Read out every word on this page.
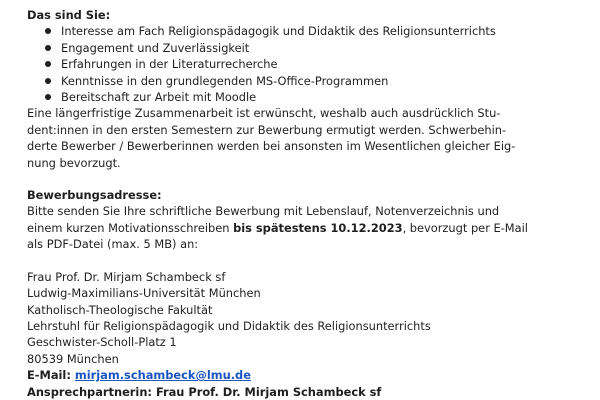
Das sind Sie:
Interesse am Fach Religionspädagogik und Didaktik des Religionsunterrichts
Engagement und Zuverlässigkeit
Erfahrungen in der Literaturrecherche
Kenntnisse in den grundlegenden MS-Office-Programmen
Bereitschaft zur Arbeit mit Moodle
Eine längerfristige Zusammenarbeit ist erwünscht, weshalb auch ausdrücklich Stu-
dent:innen in den ersten Semestern zur Bewerbung ermutigt werden. Schwerbehin-
derte Bewerber / Bewerberinnen werden bei ansonsten im Wesentlichen gleicher Eig-
nung bevorzugt.
Bewerbungsadresse:
Bitte senden Sie Ihre schriftliche Bewerbung mit Lebenslauf, Notenverzeichnis und
einem kurzen Motivationsschreiben bis spätestens 10.12.2023, bevorzugt per E-Mail
als PDF-Datei (max. 5 MB) an:
Frau Prof. Dr. Mirjam Schambeck sf
Ludwig-Maximilians-Universität München
Katholisch-Theologische Fakultät
Lehrstuhl für Religionspädagogik und Didaktik des Religionsunterrichts
Geschwister-Scholl-Platz 1
80539 München
E-Mail: mirjam.schambeck@lmu.de
Ansprechpartnerin: Frau Prof. Dr. Mirjam Schambeck sf
